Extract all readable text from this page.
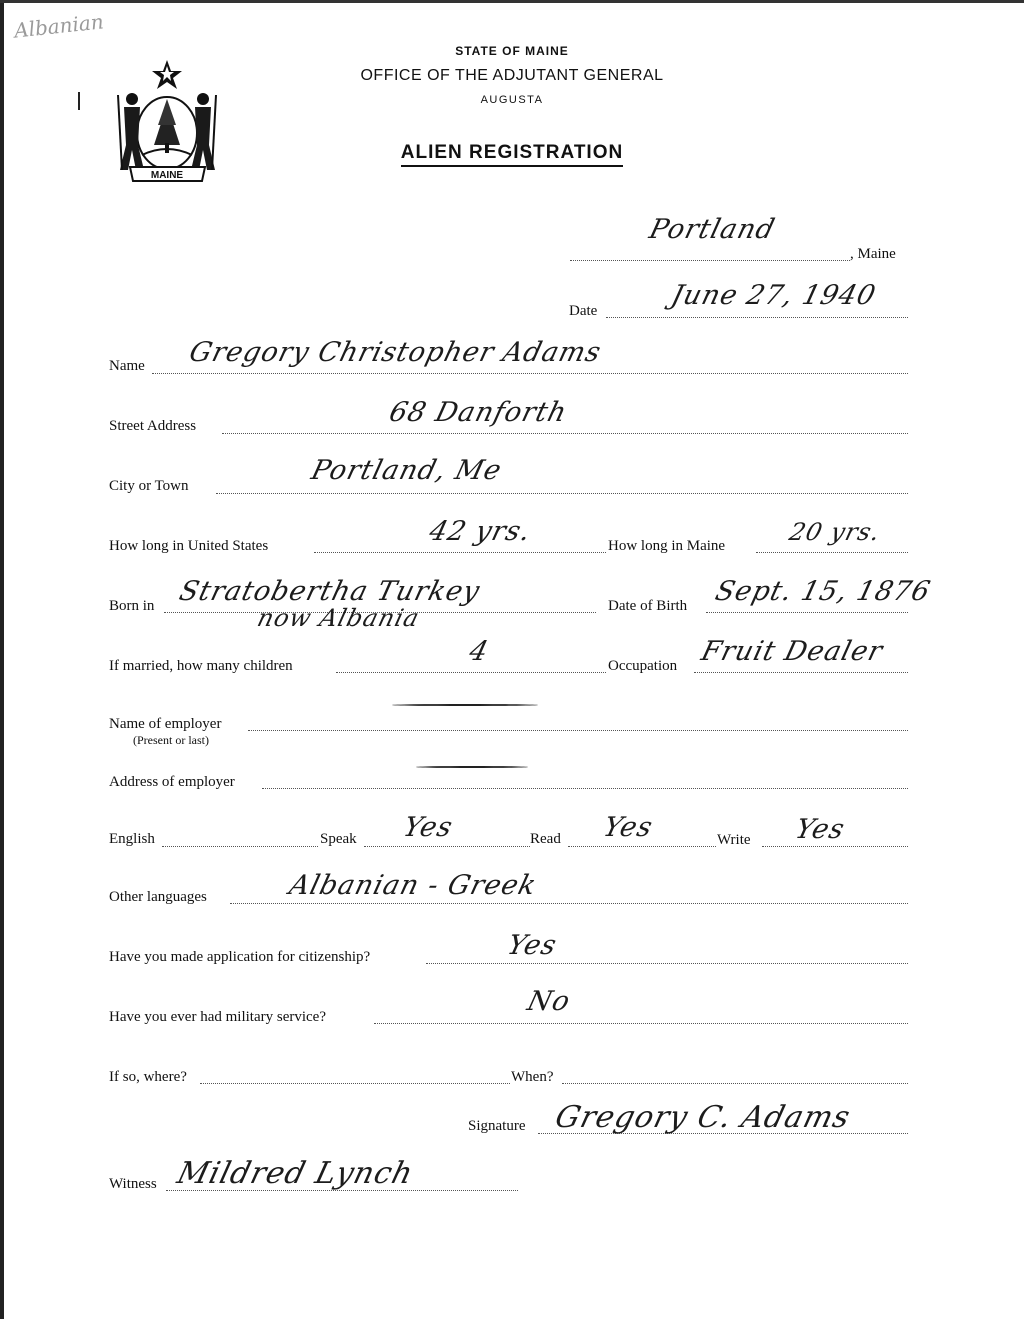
Albanian
MAINE
STATE OF MAINE
OFFICE OF THE ADJUTANT GENERAL
AUGUSTA
ALIEN REGISTRATION
Portland
, Maine
Date	June 27, 1940
Name Gregory Christopher Adams
Street Address	68 Danforth
City or Town	Portland, Me
How long in United States	42 yrs.	How long in Maine	20 yrs.
Born in Stratobertha Turkey
now Albania	Date of Birth Sept. 15, 1876
If married, how many children	4	Occupation Fruit Dealer
Name of employer
(Present or last)
Address of employer
English	Speak Yes	Read Yes	Write Yes
Other languages	Albanian - Greek
Have you made application for citizenship?	Yes
Have you ever had military service?	No
If so, where?	When?
Signature Gregory C. Adams
Witness Mildred Lynch
